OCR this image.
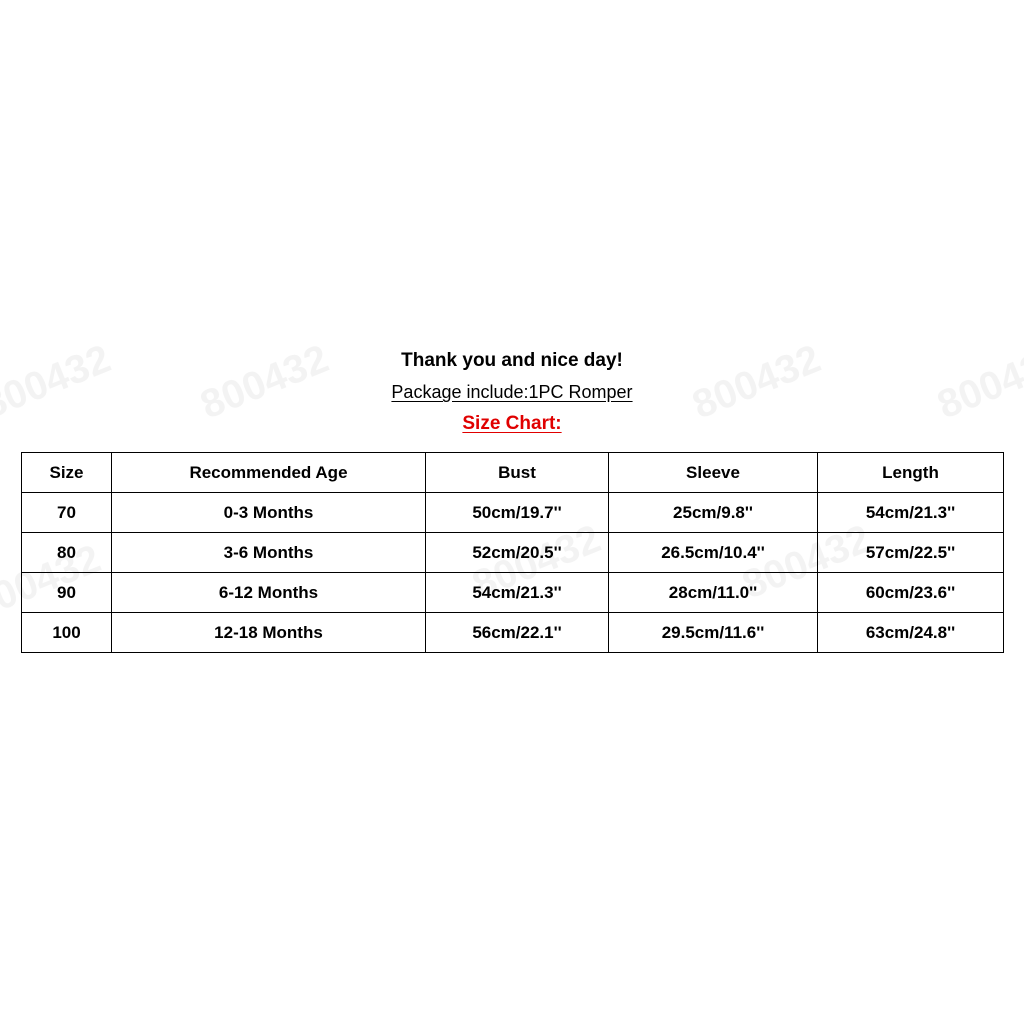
Thank you and nice day!
Package include:1PC Romper
Size Chart:
Size	Recommended Age	Bust	Sleeve	Length
70	0-3 Months	50cm/19.7''	25cm/9.8''	54cm/21.3''
80	3-6 Months	52cm/20.5''	26.5cm/10.4''	57cm/22.5''
90	6-12 Months	54cm/21.3''	28cm/11.0''	60cm/23.6''
100	12-18 Months	56cm/22.1''	29.5cm/11.6''	63cm/24.8''
